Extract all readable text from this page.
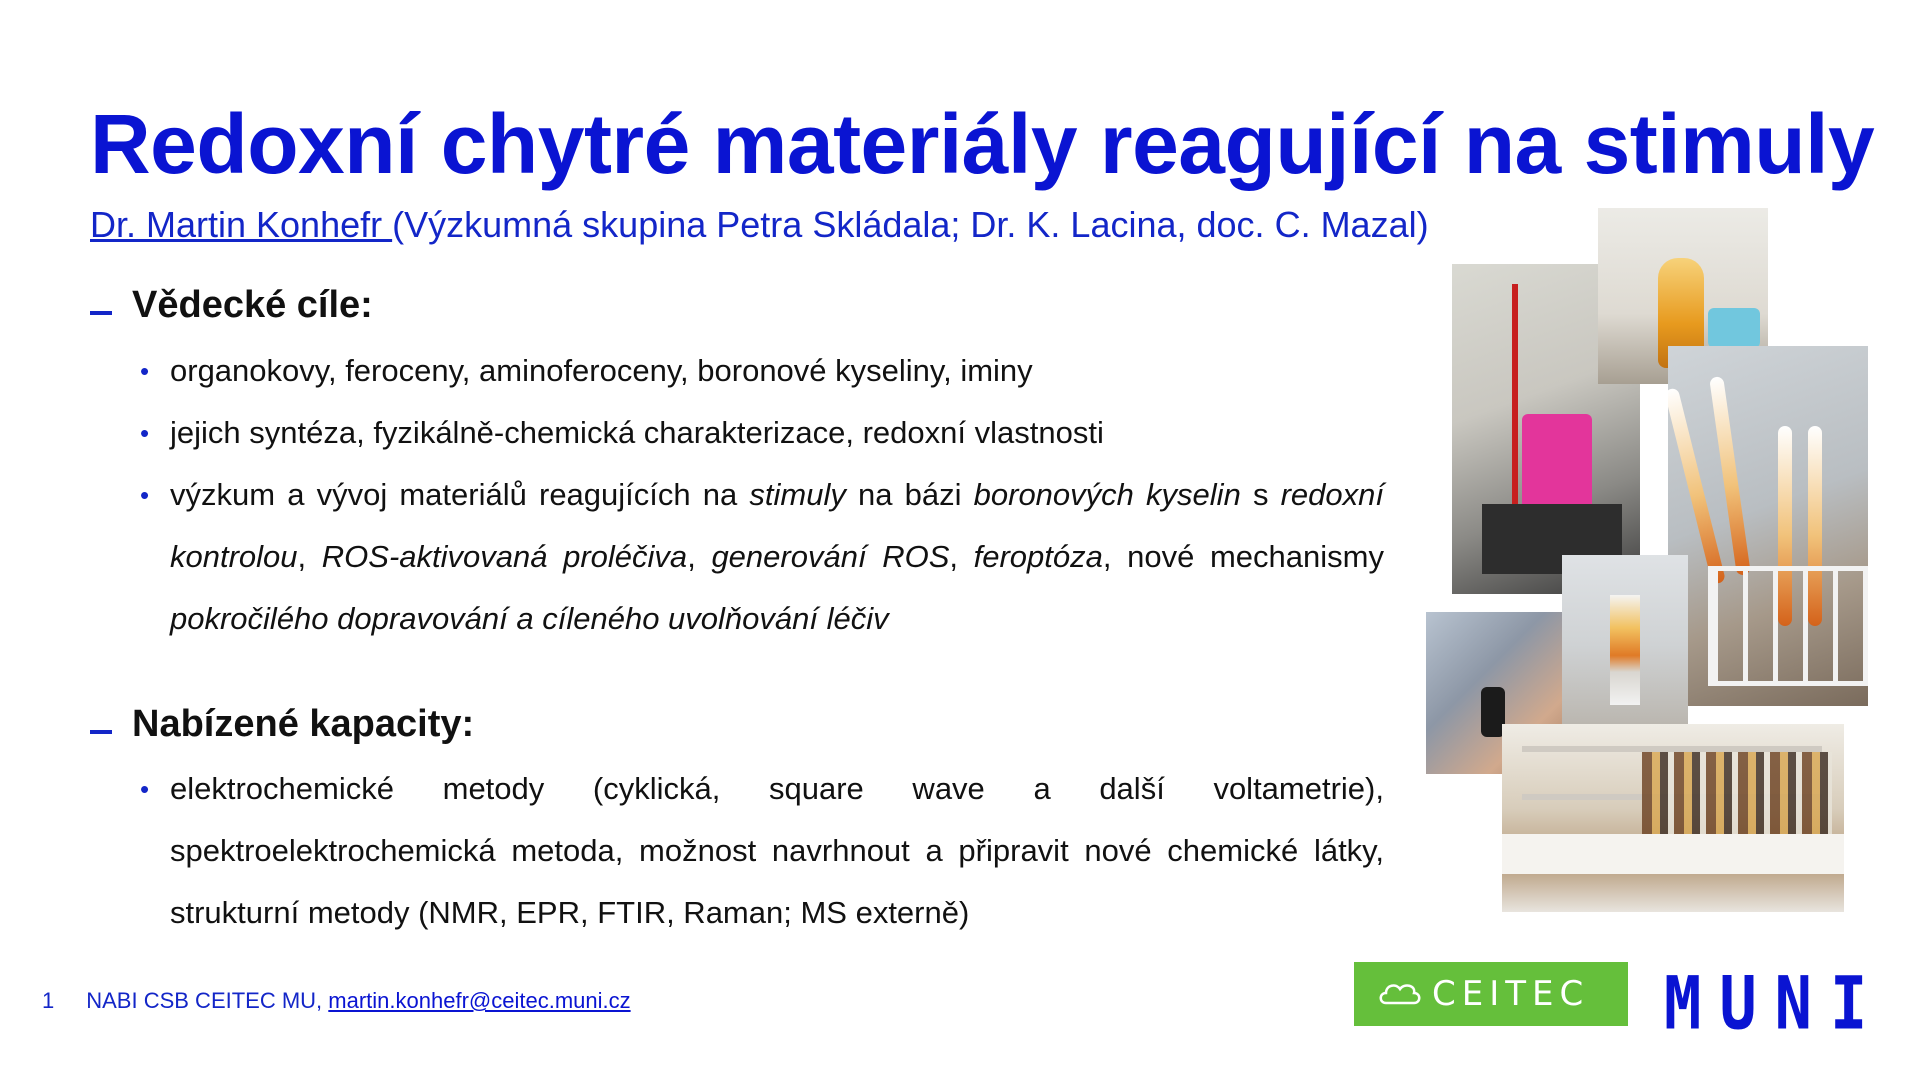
Redoxní chytré materiály reagující na stimuly
Dr. Martin Konhefr (Výzkumná skupina Petra Skládala; Dr. K. Lacina, doc. C. Mazal)
Vědecké cíle:
• organokovy, feroceny, aminoferoceny, boronové kyseliny, iminy
• jejich syntéza, fyzikálně-chemická charakterizace, redoxní vlastnosti
• výzkum a vývoj materiálů reagujících na stimuly na bázi boronových kyselin s redoxní kontrolou, ROS-aktivovaná proléčiva, generování ROS, feroptóza, nové mechanismy pokročilého dopravování a cíleného uvolňování léčiv
Nabízené kapacity:
• elektrochemické metody (cyklická, square wave a další voltametrie), spektroelektrochemická metoda, možnost navrhnout a připravit nové chemické látky, strukturní metody (NMR, EPR, FTIR, Raman; MS externě)
1 NABI CSB CEITEC MU, martin.konhefr@ceitec.muni.cz	CEITEC MUNI
